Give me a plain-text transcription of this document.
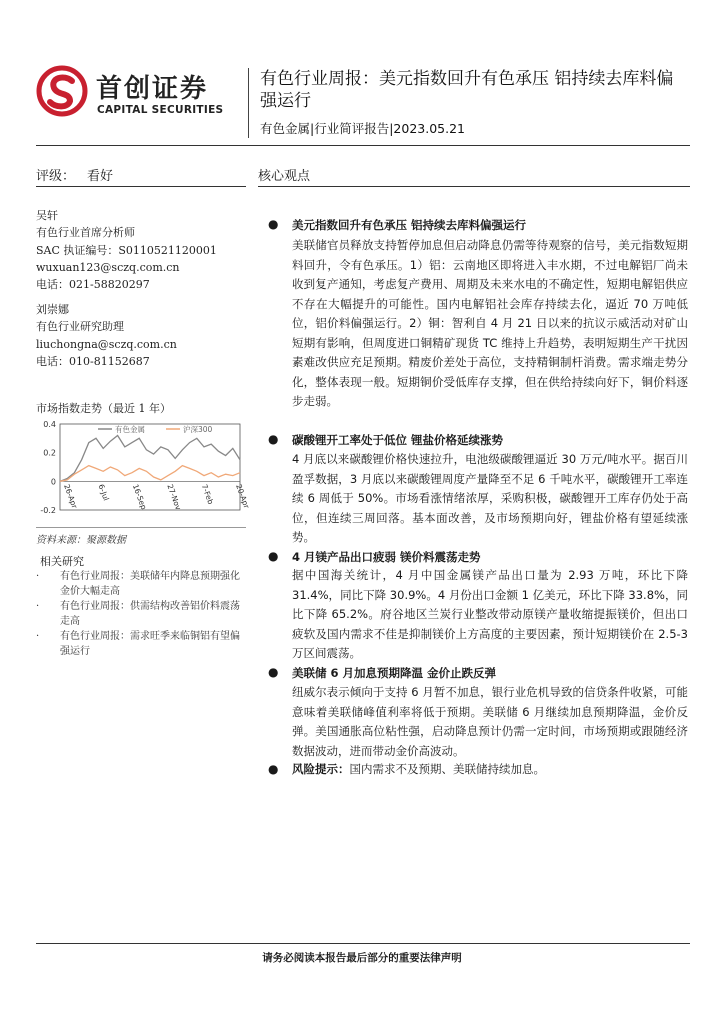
首创证券
CAPITAL SECURITIES
有色行业周报：美元指数回升有色承压 铝持续去库料偏强运行
有色金属|行业简评报告|2023.05.21
评级： 看好	核心观点
吴轩
有色行业首席分析师
SAC 执证编号：S0110521120001
wuxuan123@sczq.com.cn
电话：021-58820297
刘崇娜
有色行业研究助理
liuchongna@sczq.com.cn
电话：010-81152687
市场指数走势（最近 1 年）
0.4
0.2
0
-0.2
26-Apr 6-Jul	16-Sep 27-Nov 7-Feb	20-Apr
有色金属	沪深300
资料来源：聚源数据
相关研究
· 有色行业周报：美联储年内降息预期强化金价大幅走高
· 有色行业周报：供需结构改善铝价料震荡走高
· 有色行业周报：需求旺季来临铜铝有望偏强运行
● 美元指数回升有色承压 铝持续去库料偏强运行
美联储官员释放支持暂停加息但启动降息仍需等待观察的信号，美元指数短期料回升，令有色承压。1）铝：云南地区即将进入丰水期，不过电解铝厂尚未收到复产通知，考虑复产费用、周期及未来水电的不确定性，短期电解铝供应不存在大幅提升的可能性。国内电解铝社会库存持续去化，逼近 70 万吨低位，铝价料偏强运行。2）铜：智利自 4 月 21 日以来的抗议示威活动对矿山短期有影响，但周度进口铜精矿现货 TC 维持上升趋势，表明短期生产干扰因素难改供应充足预期。精废价差处于高位，支持精铜制杆消费。需求端走势分化，整体表现一般。短期铜价受低库存支撑，但在供给持续向好下，铜价料逐步走弱。
● 碳酸锂开工率处于低位 锂盐价格延续涨势
4 月底以来碳酸锂价格快速拉升，电池级碳酸锂逼近 30 万元/吨水平。据百川盈孚数据，3 月底以来碳酸锂周度产量降至不足 6 千吨水平，碳酸锂开工率连续 6 周低于 50%。市场看涨情绪浓厚，采购积极，碳酸锂开工库存仍处于高位，但连续三周回落。基本面改善，及市场预期向好，锂盐价格有望延续涨势。
● 4 月镁产品出口疲弱 镁价料震荡走势
据中国海关统计，4 月中国金属镁产品出口量为 2.93 万吨，环比下降 31.4%，同比下降 30.9%。4 月份出口金额 1 亿美元，环比下降 33.8%，同比下降 65.2%。府谷地区兰炭行业整改带动原镁产量收缩提振镁价，但出口疲软及国内需求不佳是抑制镁价上方高度的主要因素，预计短期镁价在 2.5-3 万区间震荡。
● 美联储 6 月加息预期降温 金价止跌反弹
纽威尔表示倾向于支持 6 月暂不加息，银行业危机导致的信贷条件收紧，可能意味着美联储峰值利率将低于预期。美联储 6 月继续加息预期降温，金价反弹。美国通胀高位粘性强，启动降息预计仍需一定时间，市场预期或跟随经济数据波动，进而带动金价高波动。
● 风险提示：国内需求不及预期、美联储持续加息。
请务必阅读本报告最后部分的重要法律声明
